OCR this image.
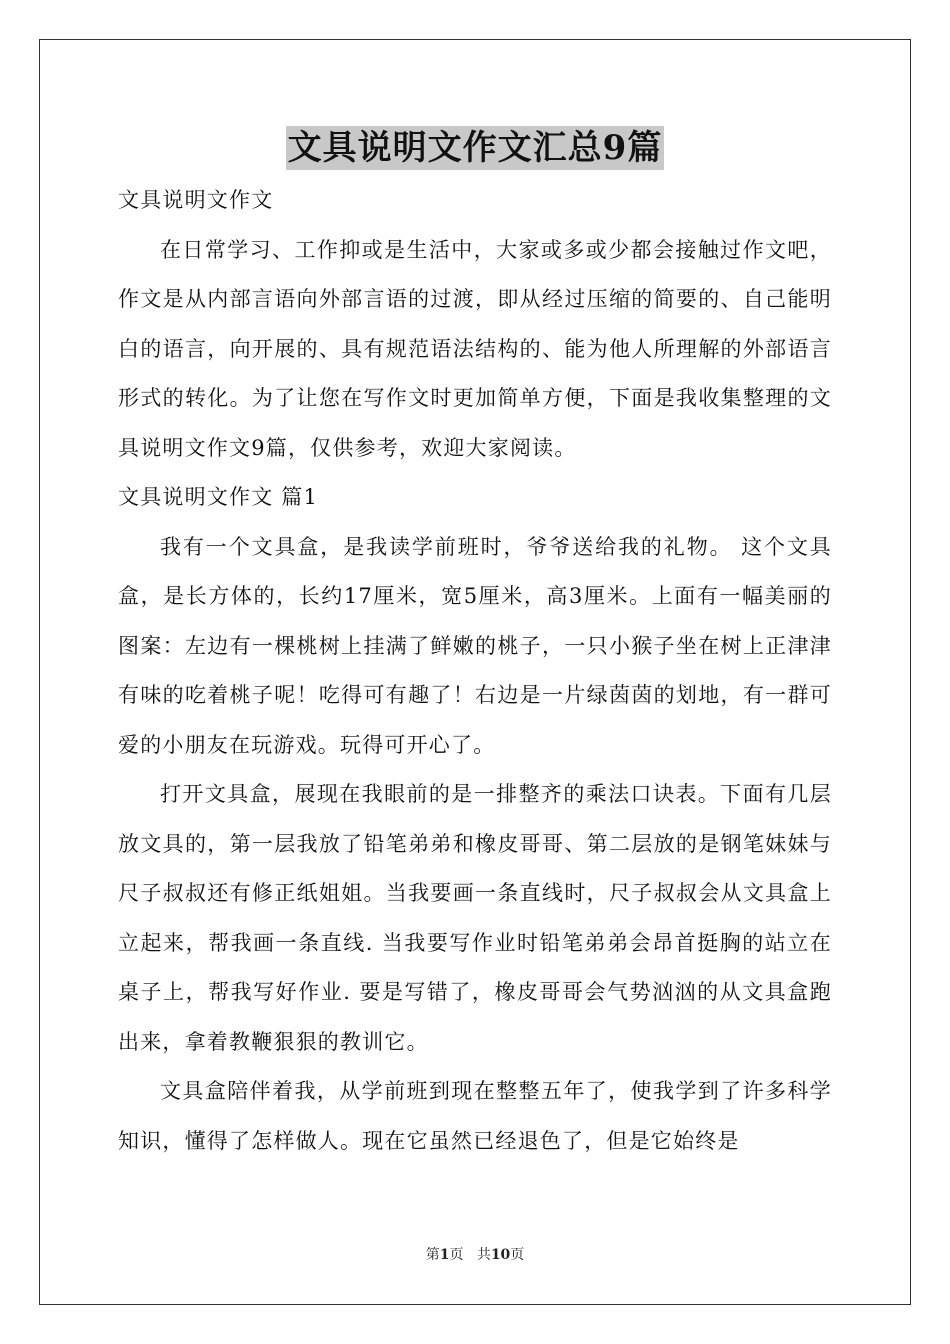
文具说明文作文汇总9篇

文具说明文作文

在日常学习、工作抑或是生活中，大家或多或少都会接触过作文吧，作文是从内部言语向外部言语的过渡，即从经过压缩的简要的、自己能明白的语言，向开展的、具有规范语法结构的、能为他人所理解的外部语言形式的转化。为了让您在写作文时更加简单方便，下面是我收集整理的文具说明文作文9篇，仅供参考，欢迎大家阅读。

文具说明文作文 篇1

我有一个文具盒，是我读学前班时，爷爷送给我的礼物。 这个文具盒，是长方体的，长约17厘米，宽5厘米，高3厘米。上面有一幅美丽的图案：左边有一棵桃树上挂满了鲜嫩的桃子，一只小猴子坐在树上正津津有味的吃着桃子呢！吃得可有趣了！右边是一片绿茵茵的划地，有一群可爱的小朋友在玩游戏。玩得可开心了。

打开文具盒，展现在我眼前的是一排整齐的乘法口诀表。下面有几层放文具的，第一层我放了铅笔弟弟和橡皮哥哥、第二层放的是钢笔妹妹与尺子叔叔还有修正纸姐姐。当我要画一条直线时，尺子叔叔会从文具盒上立起来，帮我画一条直线. 当我要写作业时铅笔弟弟会昂首挺胸的站立在桌子上，帮我写好作业. 要是写错了，橡皮哥哥会气势汹汹的从文具盒跑出来，拿着教鞭狠狠的教训它。

文具盒陪伴着我，从学前班到现在整整五年了，使我学到了许多科学知识，懂得了怎样做人。现在它虽然已经退色了，但是它始终是

第1页 共10页
